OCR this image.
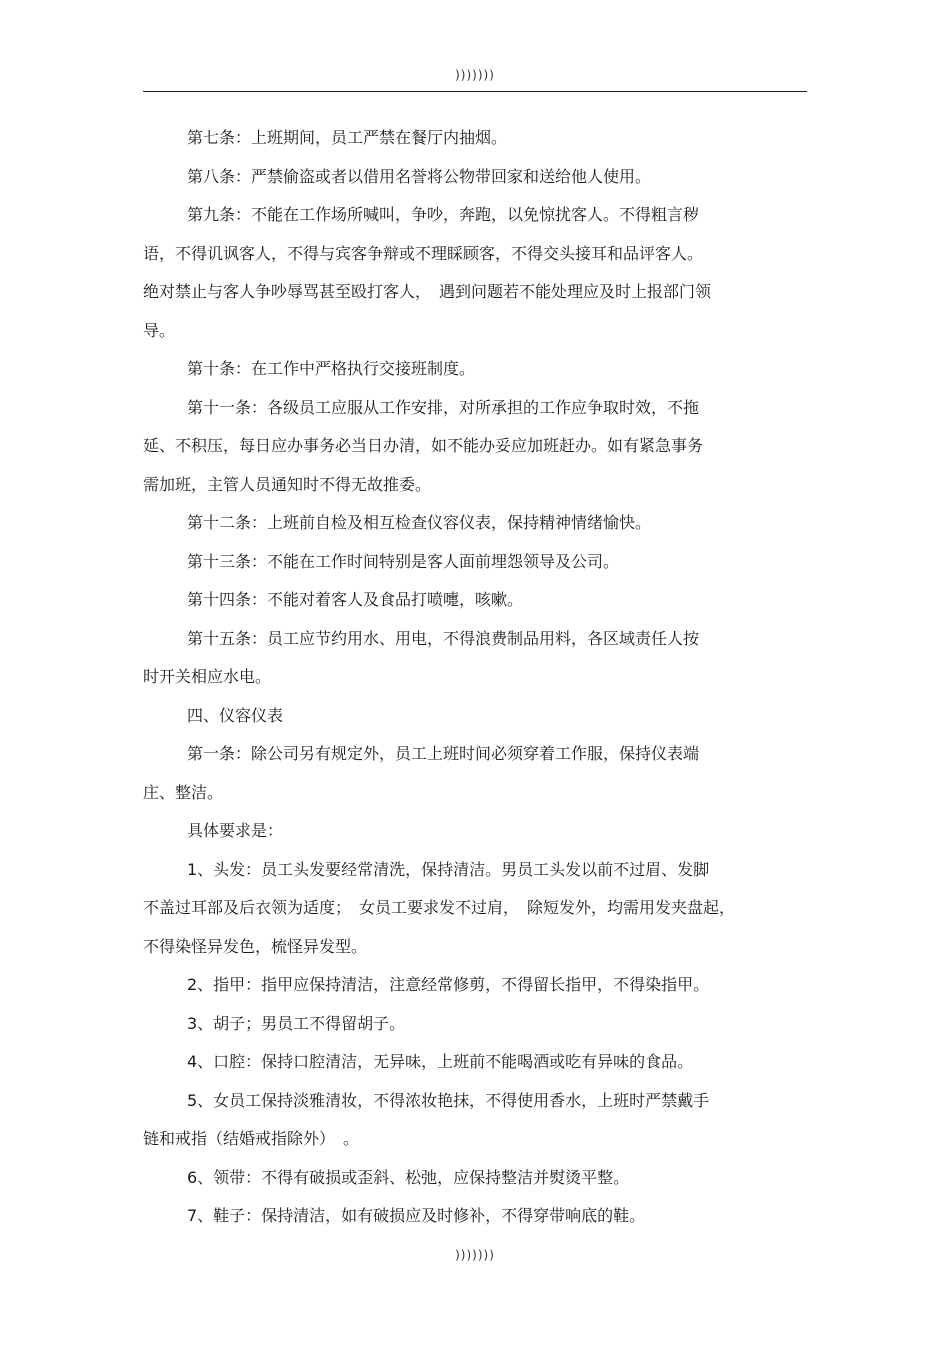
)))))))

第七条：上班期间，员工严禁在餐厅内抽烟。

第八条：严禁偷盗或者以借用名誉将公物带回家和送给他人使用。

第九条：不能在工作场所喊叫，争吵，奔跑，以免惊扰客人。不得粗言秽

语，不得讥讽客人，不得与宾客争辩或不理睬顾客，不得交头接耳和品评客人。

绝对禁止与客人争吵辱骂甚至殴打客人，　遇到问题若不能处理应及时上报部门领

导。

第十条：在工作中严格执行交接班制度。

第十一条：各级员工应服从工作安排，对所承担的工作应争取时效，不拖

延、不积压，每日应办事务必当日办清，如不能办妥应加班赶办。如有紧急事务

需加班，主管人员通知时不得无故推委。

第十二条：上班前自检及相互检查仪容仪表，保持精神情绪愉快。

第十三条：不能在工作时间特别是客人面前埋怨领导及公司。

第十四条：不能对着客人及食品打喷嚏，咳嗽。

第十五条：员工应节约用水、用电，不得浪费制品用料，各区域责任人按

时开关相应水电。

四、仪容仪表

第一条：除公司另有规定外，员工上班时间必须穿着工作服，保持仪表端

庄、整洁。

具体要求是：

1、头发：员工头发要经常清洗，保持清洁。男员工头发以前不过眉、发脚

不盖过耳部及后衣领为适度；　女员工要求发不过肩，　除短发外，均需用发夹盘起，

不得染怪异发色，梳怪异发型。

2、指甲：指甲应保持清洁，注意经常修剪，不得留长指甲，不得染指甲。

3、胡子；男员工不得留胡子。

4、口腔：保持口腔清洁，无异味，上班前不能喝酒或吃有异味的食品。

5、女员工保持淡雅清妆，不得浓妆艳抹，不得使用香水，上班时严禁戴手

链和戒指（结婚戒指除外）　。

6、领带：不得有破损或歪斜、松弛，应保持整洁并熨烫平整。

7、鞋子：保持清洁，如有破损应及时修补，不得穿带响底的鞋。

)))))))
